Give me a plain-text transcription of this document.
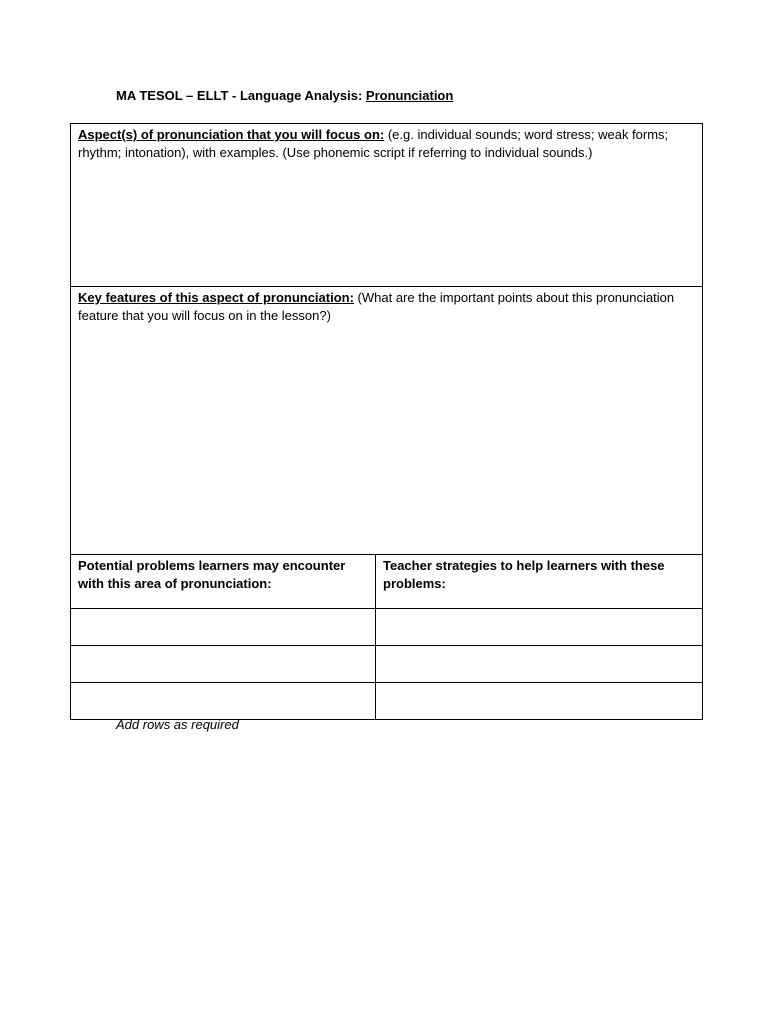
MA TESOL – ELLT - Language Analysis: Pronunciation
Aspect(s) of pronunciation that you will focus on: (e.g. individual sounds; word stress; weak forms; rhythm; intonation), with examples. (Use phonemic script if referring to individual sounds.)	
Key features of this aspect of pronunciation: (What are the important points about this pronunciation feature that you will focus on in the lesson?)	
Potential problems learners may encounter with this area of pronunciation:	Teacher strategies to help learners with these problems:

Add rows as required
